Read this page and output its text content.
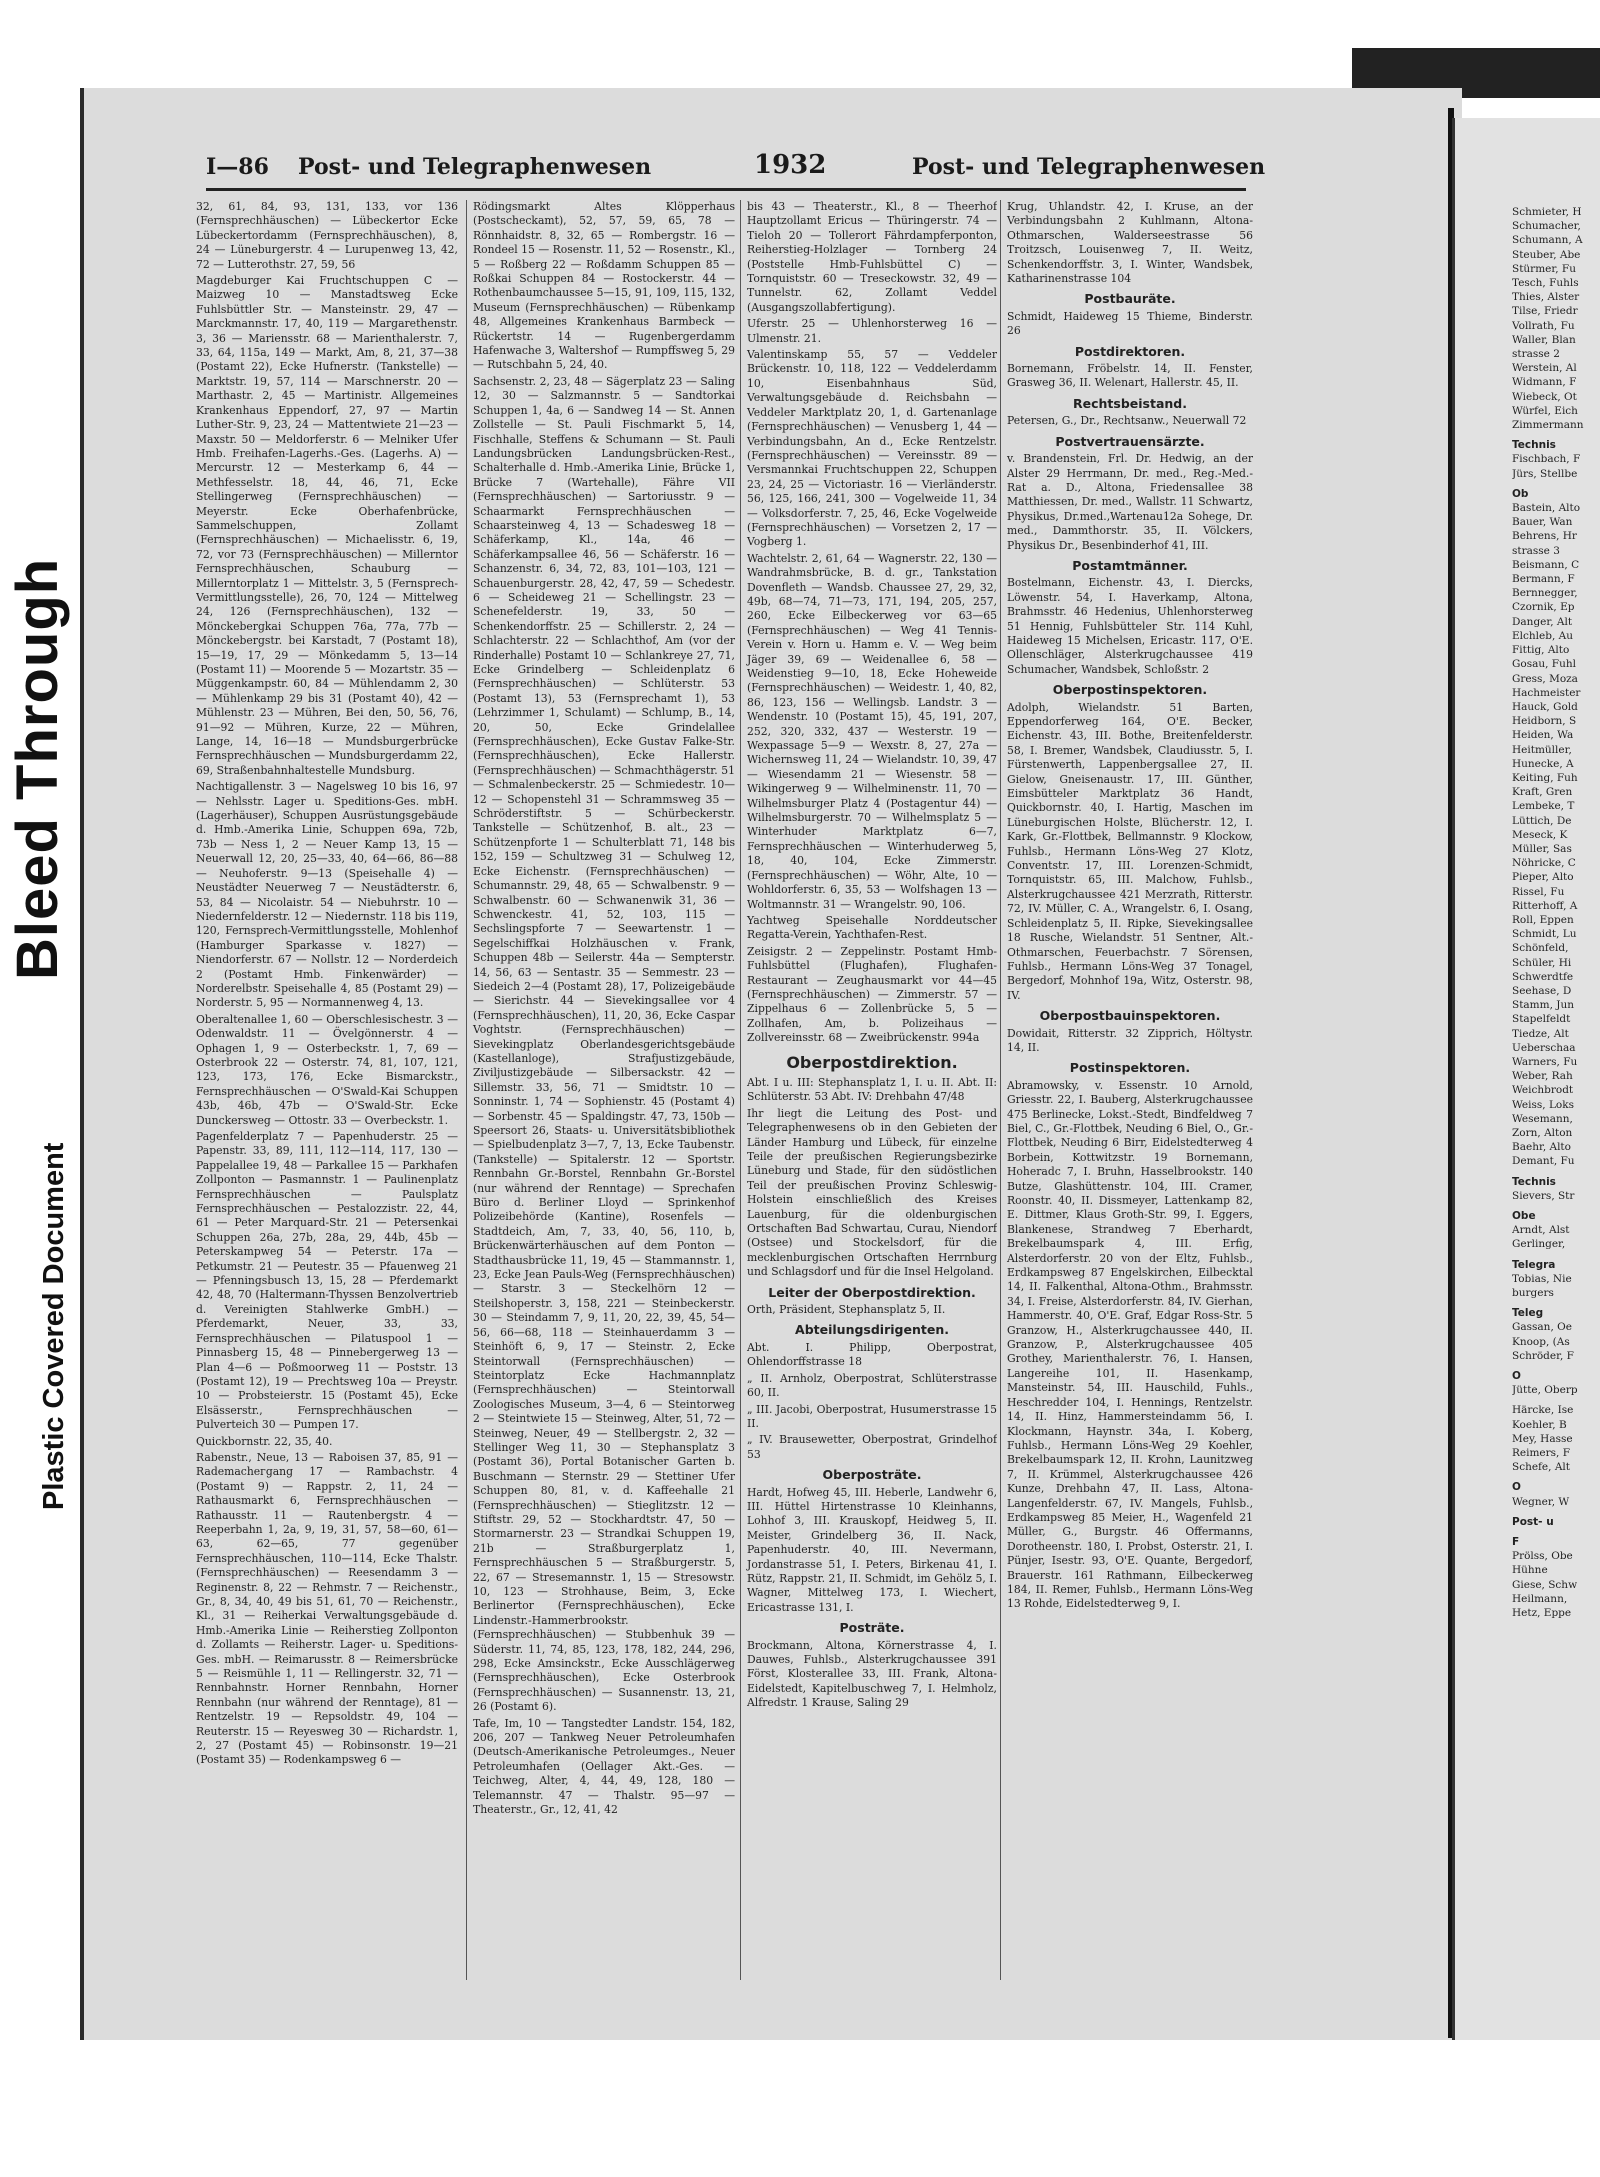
Bleed Through
Plastic Covered Document
I—86 Post- und Telegraphenwesen	1932	Post- und Telegraphenwesen

32, 61, 84, 93, 131, 133, vor 136 (Fernsprechhäuschen) — Lübeckertor Ecke Lübeckertordamm (Fernsprechhäuschen), 8, 24 — Lüneburgerstr. 4 — Lurupenweg 13, 42, 72 — Lutterothstr. 27, 59, 56

Magdeburger Kai Fruchtschuppen C — Maizweg 10 — Manstadtsweg Ecke Fuhlsbüttler Str. — Mansteinstr. 29, 47 — Marckmannstr. 17, 40, 119 — Margarethenstr. 3, 36 — Mariensstr. 68 — Marienthalerstr. 7, 33, 64, 115a, 149 — Markt, Am, 8, 21, 37—38 (Postamt 22), Ecke Hufnerstr. (Tankstelle) — Marktstr. 19, 57, 114 — Marschnerstr. 20 — Marthastr. 2, 45 — Martinistr. Allgemeines Krankenhaus Eppendorf, 27, 97 — Martin Luther-Str. 9, 23, 24 — Mattentwiete 21—23 — Maxstr. 50 — Meldorferstr. 6 — Melniker Ufer Hmb. Freihafen-Lagerhs.-Ges. (Lagerhs. A) — Mercurstr. 12 — Mesterkamp 6, 44 — Methfesselstr. 18, 44, 46, 71, Ecke Stellingerweg (Fernsprechhäuschen) — Meyerstr. Ecke Oberhafenbrücke, Sammelschuppen, Zollamt (Fernsprechhäuschen) — Michaelisstr. 6, 19, 72, vor 73 (Fernsprechhäuschen) — Millerntor Fernsprechhäuschen, Schauburg — Millerntorplatz 1 — Mittelstr. 3, 5 (Fernsprech-Vermittlungsstelle), 26, 70, 124 — Mittelweg 24, 126 (Fernsprechhäuschen), 132 — Mönckebergkai Schuppen 76a, 77a, 77b — Mönckebergstr. bei Karstadt, 7 (Postamt 18), 15—19, 17, 29 — Mönkedamm 5, 13—14 (Postamt 11) — Moorende 5 — Mozartstr. 35 — Müggenkampstr. 60, 84 — Mühlendamm 2, 30 — Mühlenkamp 29 bis 31 (Postamt 40), 42 — Mühlenstr. 23 — Mühren, Bei den, 50, 56, 76, 91—92 — Mühren, Kurze, 22 — Mühren, Lange, 14, 16—18 — Mundsburgerbrücke Fernsprechhäuschen — Mundsburgerdamm 22, 69, Straßenbahnhaltestelle Mundsburg.

Nachtigallenstr. 3 — Nagelsweg 10 bis 16, 97 — Nehlsstr. Lager u. Speditions-Ges. mbH. (Lagerhäuser), Schuppen Ausrüstungsgebäude d. Hmb.-Amerika Linie, Schuppen 69a, 72b, 73b — Ness 1, 2 — Neuer Kamp 13, 15 — Neuerwall 12, 20, 25—33, 40, 64—66, 86—88 — Neuhoferstr. 9—13 (Speisehalle 4) — Neustädter Neuerweg 7 — Neustädterstr. 6, 53, 84 — Nicolaistr. 54 — Niebuhrstr. 10 — Niedernfelderstr. 12 — Niedernstr. 118 bis 119, 120, Fernsprech-Vermittlungsstelle, Mohlenhof (Hamburger Sparkasse v. 1827) — Niendorferstr. 67 — Nollstr. 12 — Norderdeich 2 (Postamt Hmb. Finkenwärder) — Norderelbstr. Speisehalle 4, 85 (Postamt 29) — Norderstr. 5, 95 — Normannenweg 4, 13.

Oberaltenallee 1, 60 — Oberschlesischestr. 3 — Odenwaldstr. 11 — Övelgönnerstr. 4 — Ophagen 1, 9 — Osterbeckstr. 1, 7, 69 — Osterbrook 22 — Osterstr. 74, 81, 107, 121, 123, 173, 176, Ecke Bismarckstr., Fernsprechhäuschen — O'Swald-Kai Schuppen 43b, 46b, 47b — O'Swald-Str. Ecke Dunckersweg — Ottostr. 33 — Overbeckstr. 1.

Pagenfelderplatz 7 — Papenhuderstr. 25 — Papenstr. 33, 89, 111, 112—114, 117, 130 — Pappelallee 19, 48 — Parkallee 15 — Parkhafen Zollponton — Pasmannstr. 1 — Paulinenplatz Fernsprechhäuschen — Paulsplatz Fernsprechhäuschen — Pestalozzistr. 22, 44, 61 — Peter Marquard-Str. 21 — Petersenkai Schuppen 26a, 27b, 28a, 29, 44b, 45b — Peterskampweg 54 — Peterstr. 17a — Petkumstr. 21 — Peutestr. 35 — Pfauenweg 21 — Pfenningsbusch 13, 15, 28 — Pferdemarkt 42, 48, 70 (Haltermann-Thyssen Benzolvertrieb d. Vereinigten Stahlwerke GmbH.) — Pferdemarkt, Neuer, 33, 33, Fernsprechhäuschen — Pilatuspool 1 — Pinnasberg 15, 48 — Pinnebergerweg 13 — Plan 4—6 — Poßmoorweg 11 — Poststr. 13 (Postamt 12), 19 — Prechtsweg 10a — Preystr. 10 — Probsteierstr. 15 (Postamt 45), Ecke Elsässerstr., Fernsprechhäuschen — Pulverteich 30 — Pumpen 17.

Quickbornstr. 22, 35, 40.

Rabenstr., Neue, 13 — Raboisen 37, 85, 91 — Rademacheгgang 17 — Rambachstr. 4 (Postamt 9) — Rappstr. 2, 11, 24 — Rathausmarkt 6, Fernsprechhäuschen — Rathausstr. 11 — Rautenbergstr. 4 — Reeperbahn 1, 2a, 9, 19, 31, 57, 58—60, 61—63, 62—65, 77 gegenüber Fernsprechhäuschen, 110—114, Ecke Thalstr. (Fernsprechhäuschen) — Reesendamm 3 — Reginenstr. 8, 22 — Rehmstr. 7 — Reichenstr., Gr., 8, 34, 40, 49 bis 51, 61, 70 — Reichenstr., Kl., 31 — Reiherkai Verwaltungsgebäude d. Hmb.-Amerika Linie — Reiherstieg Zollponton d. Zollamts — Reiherstr. Lager- u. Speditions-Ges. mbH. — Reimarusstr. 8 — Reimersbrücke 5 — Reismühle 1, 11 — Rellingerstr. 32, 71 — Rennbahnstr. Horner Rennbahn, Horner Rennbahn (nur während der Renntage), 81 — Rentzelstr. 19 — Repsoldstr. 49, 104 — Reuterstr. 15 — Reyesweg 30 — Richardstr. 1, 2, 27 (Postamt 45) — Robinsonstr. 19—21 (Postamt 35) — Rodenkampsweg 6 —

Rödingsmarkt Altes Klöpperhaus (Postscheckamt), 52, 57, 59, 65, 78 — Rönnhaidstr. 8, 32, 65 — Rombergstr. 16 — Rondeel 15 — Rosenstr. 11, 52 — Rosenstr., Kl., 5 — Roßberg 22 — Roßdamm Schuppen 85 — Roßkai Schuppen 84 — Rostockerstr. 44 — Rothenbaumchaussee 5—15, 91, 109, 115, 132, Museum (Fernsprechhäuschen) — Rübenkamp 48, Allgemeines Krankenhaus Barmbeck — Rückertstr. 14 — Rugenbergerdamm Hafenwache 3, Waltershof — Rumpffsweg 5, 29 — Rutschbahn 5, 24, 40.

Sachsenstr. 2, 23, 48 — Sägerplatz 23 — Saling 12, 30 — Salzmannstr. 5 — Sandtorkai Schuppen 1, 4a, 6 — Sandweg 14 — St. Annen Zollstelle — St. Pauli Fischmarkt 5, 14, Fischhalle, Steffens & Schumann — St. Pauli Landungsbrücken Landungsbrücken-Rest., Schalterhalle d. Hmb.-Amerika Linie, Brücke 1, Brücke 7 (Wartehalle), Fähre VII (Fernsprechhäuschen) — Sartoriusstr. 9 — Schaarmarkt Fernsprechhäuschen — Schaarsteinweg 4, 13 — Schadesweg 18 — Schäferkamp, Kl., 14a, 46 — Schäferkampsallee 46, 56 — Schäferstr. 16 — Schanzenstr. 6, 34, 72, 83, 101—103, 121 — Schauenburgerstr. 28, 42, 47, 59 — Schedestr. 6 — Scheideweg 21 — Schellingstr. 23 — Schenefelderstr. 19, 33, 50 — Schenkendorffstr. 25 — Schillerstr. 2, 24 — Schlachterstr. 22 — Schlachthof, Am (vor der Rinderhalle) Postamt 10 — Schlankreye 27, 71, Ecke Grindelberg — Schleidenplatz 6 (Fernsprechhäuschen) — Schlüterstr. 53 (Postamt 13), 53 (Fernsprechamt 1), 53 (Lehrzimmer 1, Schulamt) — Schlump, B., 14, 20, 50, Ecke Grindelallee (Fernsprechhäuschen), Ecke Gustav Falke-Str. (Fernsprechhäuschen), Ecke Hallerstr. (Fernsprechhäuschen) — Schmachthägerstr. 51 — Schmalenbeckerstr. 25 — Schmiedestr. 10—12 — Schopenstehl 31 — Schrammsweg 35 — Schröderstiftstr. 5 — Schürbeckerstr. Tankstelle — Schützenhof, B. alt., 23 — Schützenpforte 1 — Schulterblatt 71, 148 bis 152, 159 — Schultzweg 31 — Schulweg 12, Ecke Eichenstr. (Fernsprechhäuschen) — Schumannstr. 29, 48, 65 — Schwalbenstr. 9 — Schwalbenstr. 60 — Schwanenwik 31, 36 — Schwenckestr. 41, 52, 103, 115 — Sechslingspforte 7 — Seewartenstr. 1 — Segelschiffkai Holzhäuschen v. Frank, Schuppen 48b — Seilerstr. 44a — Sempterstr. 14, 56, 63 — Sentastr. 35 — Semmestr. 23 — Siedeich 2—4 (Postamt 28), 17, Polizeigebäude — Sierichstr. 44 — Sievekingsallee vor 4 (Fernsprechhäuschen), 11, 20, 36, Ecke Caspar Voghtstr. (Fernsprechhäuschen) — Sievekingplatz Oberlandesgerichtsgebäude (Kastellanloge), Strafjustizgebäude, Ziviljustizgebäude — Silbersackstr. 42 — Sillemstr. 33, 56, 71 — Smidtstr. 10 — Sonninstr. 1, 74 — Sophienstr. 45 (Postamt 4) — Sorbenstr. 45 — Spaldingstr. 47, 73, 150b — Speersort 26, Staats- u. Universitätsbibliothek — Spielbudenplatz 3—7, 7, 13, Ecke Taubenstr. (Tankstelle) — Spitalerstr. 12 — Sportstr. Rennbahn Gr.-Borstel, Rennbahn Gr.-Borstel (nur während der Renntage) — Sprechafen Büro d. Berliner Lloyd — Sprinkenhof Polizeibehörde (Kantine), Rosenfels — Stadtdeich, Am, 7, 33, 40, 56, 110, b, Brückenwärterhäuschen auf dem Ponton — Stadthausbrücke 11, 19, 45 — Stammannstr. 1, 23, Ecke Jean Pauls-Weg (Fernsprechhäuschen) — Starstr. 3 — Steckelhörn 12 — Steilshoperstr. 3, 158, 221 — Steinbeckerstr. 30 — Steindamm 7, 9, 11, 20, 22, 39, 45, 54—56, 66—68, 118 — Steinhauerdamm 3 — Steinhöft 6, 9, 17 — Steinstr. 2, Ecke Steintorwall (Fernsprechhäuschen) — Steintorplatz Ecke Hachmannplatz (Fernsprechhäuschen) — Steintorwall Zoologisches Museum, 3—4, 6 — Steintorweg 2 — Steintwiete 15 — Steinweg, Alter, 51, 72 — Steinweg, Neuer, 49 — Stellbergstr. 2, 32 — Stellinger Weg 11, 30 — Stephansplatz 3 (Postamt 36), Portal Botanischer Garten b. Buschmann — Sternstr. 29 — Stettiner Ufer Schuppen 80, 81, v. d. Kaffeehalle 21 (Fernsprechhäuschen) — Stieglitzstr. 12 — Stiftstr. 29, 52 — Stockhardtstr. 47, 50 — Stormarnerstr. 23 — Strandkai Schuppen 19, 21b — Straßburgerplatz 1, Fernsprechhäuschen 5 — Straßburgerstr. 5, 22, 67 — Stresemannstr. 1, 15 — Stresowstr. 10, 123 — Strohhause, Beim, 3, Ecke Berlinertor (Fernsprechhäuschen), Ecke Lindenstr.-Hammerbrookstr. (Fernsprechhäuschen) — Stubbenhuk 39 — Süderstr. 11, 74, 85, 123, 178, 182, 244, 296, 298, Ecke Amsinckstr., Ecke Ausschlägerweg (Fernsprechhäuschen), Ecke Osterbrook (Fernsprechhäuschen) — Susannenstr. 13, 21, 26 (Postamt 6).

Tafe, Im, 10 — Tangstedter Landstr. 154, 182, 206, 207 — Tankweg Neuer Petroleumhafen (Deutsch-Amerikanische Petroleumges., Neuer Petroleumhafen (Oellager Akt.-Ges. — Teichweg, Alter, 4, 44, 49, 128, 180 — Telemannstr. 47 — Thalstr. 95—97 — Theaterstr., Gr., 12, 41, 42

bis 43 — Theaterstr., Kl., 8 — Theerhof Hauptzollamt Ericus — Thüringerstr. 74 — Tieloh 20 — Tollerort Fährdampferponton, Reiherstieg-Holzlager — Tornberg 24 (Poststelle Hmb-Fuhlsbüttel C) — Tornquiststr. 60 — Treseckowstr. 32, 49 — Tunnelstr. 62, Zollamt Veddel (Ausgangszollabfertigung).

Uferstr. 25 — Uhlenhorsterweg 16 — Ulmenstr. 21.

Valentinskamp 55, 57 — Veddeler Brückenstr. 10, 118, 122 — Veddelerdamm 10, Eisenbahnhaus Süd, Verwaltungsgebäude d. Reichsbahn — Veddeler Marktplatz 20, 1, d. Gartenanlage (Fernsprechhäuschen) — Venusberg 1, 44 — Verbindungsbahn, An d., Ecke Rentzelstr. (Fernsprechhäuschen) — Vereinsstr. 89 — Versmannkai Fruchtschuppen 22, Schuppen 23, 24, 25 — Victoriastr. 16 — Vierländerstr. 56, 125, 166, 241, 300 — Vogelweide 11, 34 — Volksdorferstr. 7, 25, 46, Ecke Vogelweide (Fernsprechhäuschen) — Vorsetzen 2, 17 — Vogberg 1.

Wachtelstr. 2, 61, 64 — Wagnerstr. 22, 130 — Wandrahmsbrücke, B. d. gr., Tankstation Dovenfleth — Wandsb. Chaussee 27, 29, 32, 49b, 68—74, 71—73, 171, 194, 205, 257, 260, Ecke Eilbeckerweg vor 63—65 (Fernsprechhäuschen) — Weg 41 Tennis-Verein v. Horn u. Hamm e. V. — Weg beim Jäger 39, 69 — Weidenallee 6, 58 — Weidenstieg 9—10, 18, Ecke Hoheweide (Fernsprechhäuschen) — Weidestr. 1, 40, 82, 86, 123, 156 — Wellingsb. Landstr. 3 — Wendenstr. 10 (Postamt 15), 45, 191, 207, 252, 320, 332, 437 — Westerstr. 19 — Wexpassage 5—9 — Wexstr. 8, 27, 27a — Wichernsweg 11, 24 — Wielandstr. 10, 39, 47 — Wiesendamm 21 — Wiesenstr. 58 — Wikingerweg 9 — Wilhelminenstr. 11, 70 — Wilhelmsburger Platz 4 (Postagentur 44) — Wilhelmsburgerstr. 70 — Wilhelmsplatz 5 — Winterhuder Marktplatz 6—7, Fernsprechhäuschen — Winterhuderweg 5, 18, 40, 104, Ecke Zimmerstr. (Fernsprechhäuschen) — Wöhr, Alte, 10 — Wohldorferstr. 6, 35, 53 — Wolfshagen 13 — Woltmannstr. 31 — Wrangelstr. 90, 106.

Yachtweg Speisehalle Norddeutscher Regatta-Verein, Yachthafen-Rest.

Zeisigstr. 2 — Zeppelinstr. Postamt Hmb-Fuhlsbüttel (Flughafen), Flughafen-Restaurant — Zeughausmarkt vor 44—45 (Fernsprechhäuschen) — Zimmerstr. 57 — Zippelhaus 6 — Zollenbrücke 5, 5 — Zollhafen, Am, b. Polizeihaus — Zollvereinsstr. 68 — Zweibrückenstr. 994a

Oberpostdirektion.

Abt. I u. III: Stephansplatz 1, I. u. II. Abt. II: Schlüterstr. 53 Abt. IV: Drehbahn 47/48

Ihr liegt die Leitung des Post- und Telegraphenwesens ob in den Gebieten der Länder Hamburg und Lübeck, für einzelne Teile der preußischen Regierungsbezirke Lüneburg und Stade, für den südöstlichen Teil der preußischen Provinz Schleswig-Holstein einschließlich des Kreises Lauenburg, für die oldenburgischen Ortschaften Bad Schwartau, Curau, Niendorf (Ostsee) und Stockelsdorf, für die mecklenburgischen Ortschaften Herrnburg und Schlagsdorf und für die Insel Helgoland.

Leiter der Oberpostdirektion.

Orth, Präsident, Stephansplatz 5, II.

Abteilungsdirigenten.

Abt. I. Philipp, Oberpostrat, Ohlendorffstrasse 18

„ II. Arnholz, Oberpostrat, Schlüterstrasse 60, II.

„ III. Jacobi, Oberpostrat, Husumerstrasse 15 II.

„ IV. Brausewetter, Oberpostrat, Grindelhof 53

Oberposträte.

Hardt, Hofweg 45, III. Heberle, Landwehr 6, III. Hüttel Hirtenstrasse 10 Kleinhanns, Lohhof 3, III. Krauskopf, Heidweg 5, II. Meister, Grindelberg 36, II. Nack, Papenhuderstr. 40, III. Nevermann, Jordanstrasse 51, I. Peters, Birkenau 41, I. Rütz, Rappstr. 21, II. Schmidt, im Gehölz 5, I. Wagner, Mittelweg 173, I. Wiechert, Ericastrasse 131, I.

Posträte.

Brockmann, Altona, Körnerstrasse 4, I. Dauwes, Fuhlsb., Alsterkrugchaussee 391 Först, Klosterallee 33, III. Frank, Altona-Eidelstedt, Kapitelbuschweg 7, I. Helmholz, Alfredstr. 1 Krause, Saling 29

Krug, Uhlandstr. 42, I. Kruse, an der Verbindungsbahn 2 Kuhlmann, Altona-Othmarschen, Walderseestrasse 56 Troitzsch, Louisenweg 7, II. Weitz, Schenkendorffstr. 3, I. Winter, Wandsbek, Katharinenstrasse 104

Postbauräte.

Schmidt, Haideweg 15 Thieme, Binderstr. 26

Postdirektoren.

Bornemann, Fröbelstr. 14, II. Fenster, Grasweg 36, II. Welenart, Hallerstr. 45, II.

Rechtsbeistand.

Petersen, G., Dr., Rechtsanw., Neuerwall 72

Postvertrauensärzte.

v. Brandenstein, Frl. Dr. Hedwig, an der Alster 29 Herrmann, Dr. med., Reg.-Med.-Rat a. D., Altona, Friedensallee 38 Matthiessen, Dr. med., Wallstr. 11 Schwartz, Physikus, Dr.med.,Wartenau12a Sohege, Dr. med., Dammthorstr. 35, II. Völckers, Physikus Dr., Besenbinderhof 41, III.

Postamtmänner.

Bostelmann, Eichenstr. 43, I. Diercks, Löwenstr. 54, I. Haverkamp, Altona, Brahmsstr. 46 Hedenius, Uhlenhorsterweg 51 Hennig, Fuhlsbütteler Str. 114 Kuhl, Haideweg 15 Michelsen, Ericastr. 117, O'E. Ollenschläger, Alsterkrugchaussee 419 Schumacher, Wandsbek, Schloßstr. 2

Oberpostinspektoren.

Adolph, Wielandstr. 51 Barten, Eppendorferweg 164, O'E. Becker, Eichenstr. 43, III. Bothe, Breitenfelderstr. 58, I. Bremer, Wandsbek, Claudiusstr. 5, I. Fürstenwerth, Lappenbergsallee 27, II. Gielow, Gneisenaustr. 17, III. Günther, Eimsbütteler Marktplatz 36 Handt, Quickbornstr. 40, I. Hartig, Maschen im Lüneburgischen Holste, Blücherstr. 12, I. Kark, Gr.-Flottbek, Bellmannstr. 9 Klockow, Fuhlsb., Hermann Löns-Weg 27 Klotz, Conventstr. 17, III. Lorenzen-Schmidt, Tornquiststr. 65, III. Malchow, Fuhlsb., Alsterkrugchaussee 421 Merzrath, Ritterstr. 72, IV. Müller, C. A., Wrangelstr. 6, I. Osang, Schleidenplatz 5, II. Ripke, Sievekingsallee 18 Rusche, Wielandstr. 51 Sentner, Alt.-Othmarschen, Feuerbachstr. 7 Sörensen, Fuhlsb., Hermann Löns-Weg 37 Tonagel, Bergedorf, Mohnhof 19a, Witz, Osterstr. 98, IV.

Oberpostbauinspektoren.

Dowidait, Ritterstr. 32 Zipprich, Höltystr. 14, II.

Postinspektoren.

Abramowsky, v. Essenstr. 10 Arnold, Griesstr. 22, I. Bauberg, Alsterkrugchaussee 475 Berlinecke, Lokst.-Stedt, Bindfeldweg 7 Biel, C., Gr.-Flottbek, Neuding 6 Biel, O., Gr.-Flottbek, Neuding 6 Birr, Eidelstedterweg 4 Borbein, Kottwitzstr. 19 Bornemann, Hoheradc 7, I. Bruhn, Hasselbrookstr. 140 Butze, Glashüttenstr. 104, III. Cramer, Roonstr. 40, II. Dissmeyer, Lattenkamp 82, E. Dittmer, Klaus Groth-Str. 99, I. Eggers, Blankenese, Strandweg 7 Eberhardt, Brekelbaumspark 4, III. Erfig, Alsterdorferstr. 20 von der Eltz, Fuhlsb., Erdkampsweg 87 Engelskirchen, Eilbecktal 14, II. Falkenthal, Altona-Othm., Brahmsstr. 34, I. Freise, Alsterdorferstr. 84, IV. Gierhan, Hammerstr. 40, O'E. Graf, Edgar Ross-Str. 5 Granzow, H., Alsterkrugchaussee 440, II. Granzow, P., Alsterkrugchaussee 405 Grothey, Marienthalerstr. 76, I. Hansen, Langereihe 101, II. Hasenkamp, Mansteinstr. 54, III. Hauschild, Fuhls., Heschredder 104, I. Hennings, Rentzelstr. 14, II. Hinz, Hammersteindamm 56, I. Klockmann, Haynstr. 34a, I. Koberg, Fuhlsb., Hermann Löns-Weg 29 Koehler, Brekelbaumspark 12, II. Krohn, Launitzweg 7, II. Krümmel, Alsterkrugchaussee 426 Kunze, Drehbahn 47, II. Lass, Altona-Langenfelderstr. 67, IV. Mangels, Fuhlsb., Erdkampsweg 85 Meier, H., Wagenfeld 21 Müller, G., Burgstr. 46 Offermanns, Dorotheenstr. 180, I. Probst, Osterstr. 21, I. Pünjer, Isestr. 93, O'E. Quante, Bergedorf, Brauerstr. 161 Rathmann, Eilbeckerweg 184, II. Remer, Fuhlsb., Hermann Löns-Weg 13 Rohde, Eidelstedterweg 9, I.

Schmieter, H
Schumacher,
Schumann, A
Steuber, Abe
Stürmer, Fu
Tesch, Fuhls
Thies, Alster
Tilse, Friedr
Vollrath, Fu
Waller, Blan
strasse 2
Werstein, Al
Widmann, F
Wiebeck, Ot
Würfel, Eich
Zimmermann
Technis
Fischbach, F
Jürs, Stellbe
Ob
Bastein, Alto
Bauer, Wan
Behrens, Hr
strasse 3
Beismann, C
Bermann, F
Bernnegger,
Czornik, Ep
Danger, Alt
Elchleb, Au
Fittig, Alto
Gosau, Fuhl
Gress, Moza
Hachmeister
Hauck, Gold
Heidborn, S
Heiden, Wa
Heitmüller,
Hunecke, A
Keiting, Fuh
Kraft, Gren
Lembeke, T
Lüttich, De
Meseck, K
Müller, Sas
Nöhricke, C
Pieper, Alto
Rissel, Fu
Ritterhoff, A
Roll, Eppen
Schmidt, Lu
Schönfeld,
Schüler, Hi
Schwerdtfe
Seehase, D
Stamm, Jun
Stapelfeldt
Tiedze, Alt
Ueberschaa
Warners, Fu
Weber, Rah
Weichbrodt
Weiss, Loks
Wesemann,
Zorn, Alton
Baehr, Alto
Demant, Fu
Technis
Sievers, Str
Obe
Arndt, Alst
Gerlinger,
Telegra
Tobias, Nie
burgers
Teleg
Gassan, Oe
Knoop, (As
Schröder, F
O
Jütte, Oberp
Härcke, Ise
Koehler, B
Mey, Hasse
Reimers, F
Schefe, Alt
O
Wegner, W
Post- u
F
Prölss, Obe
Hühne
Giese, Schw
Heilmann,
Hetz, Eppe
